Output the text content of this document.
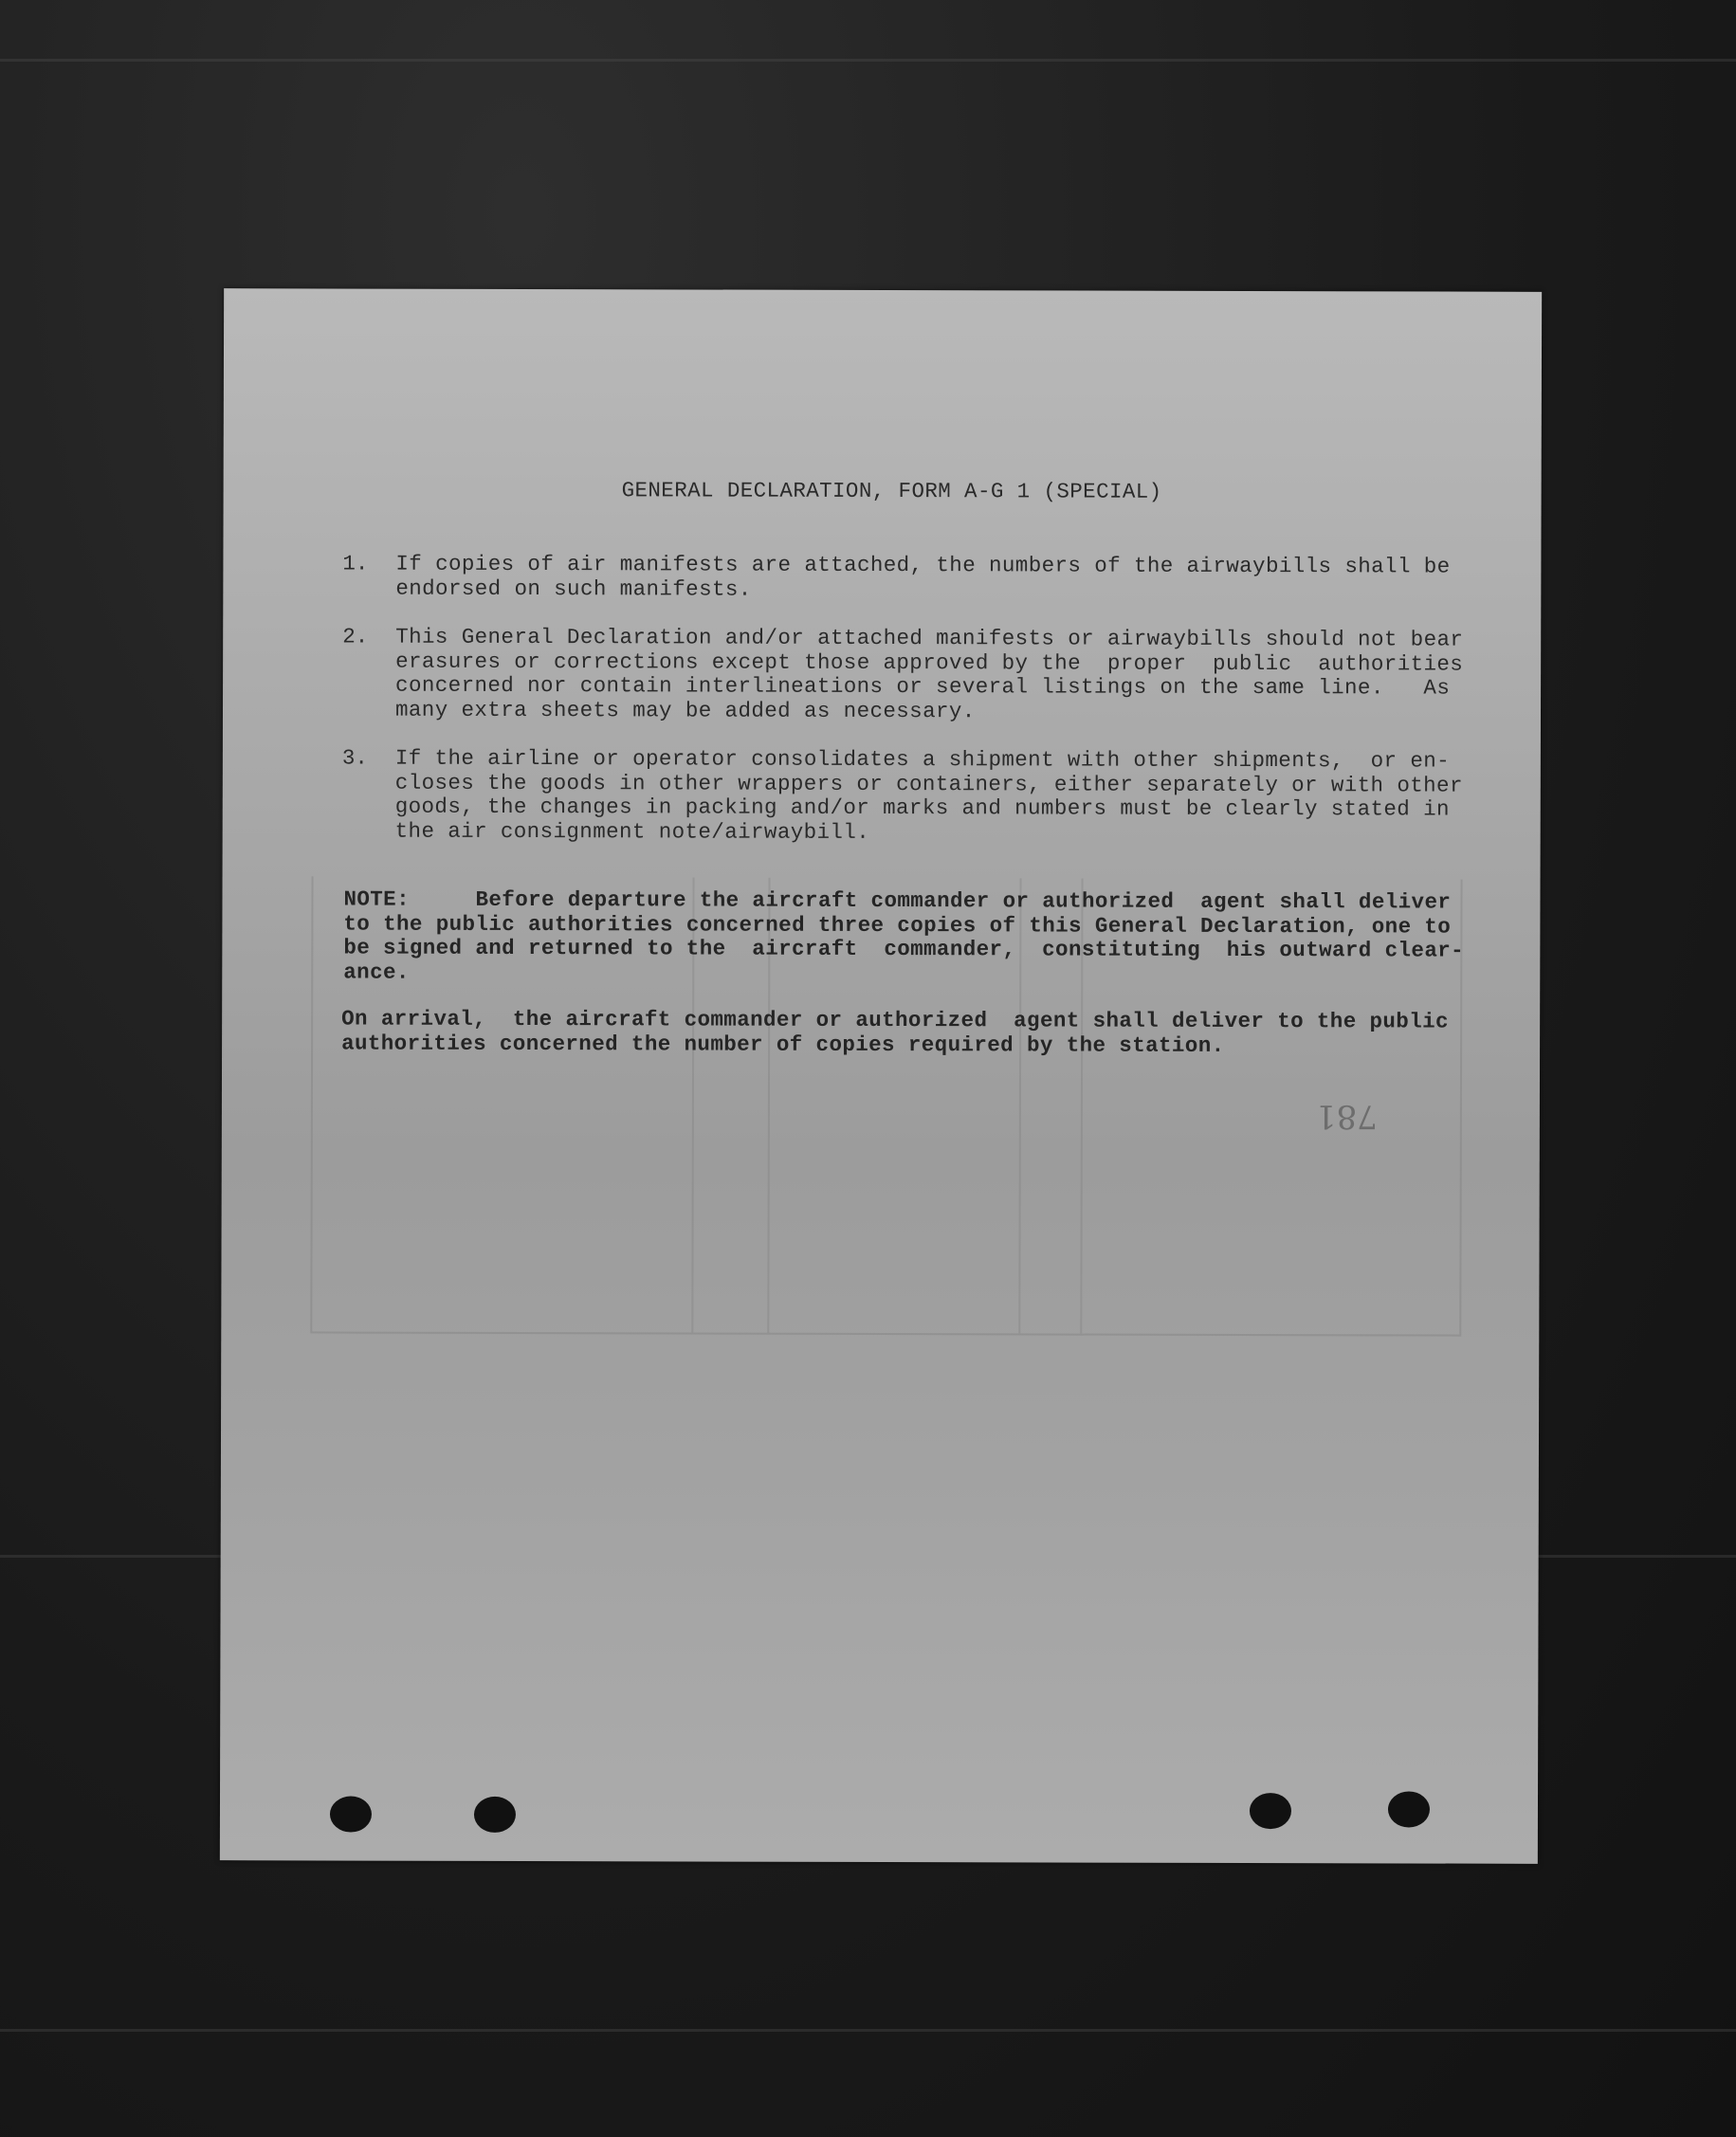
GENERAL DECLARATION, FORM A-G 1 (SPECIAL)
1. If copies of air manifests are attached, the numbers of the airwaybills shall be
endorsed on such manifests.
2. This General Declaration and/or attached manifests or airwaybills should not bear
erasures or corrections except those approved by the  proper  public  authorities
concerned nor contain interlineations or several listings on the same line.   As
many extra sheets may be added as necessary.
3. If the airline or operator consolidates a shipment with other shipments,  or en-
closes the goods in other wrappers or containers, either separately or with other
goods, the changes in packing and/or marks and numbers must be clearly stated in
the air consignment note/airwaybill.
NOTE:     Before departure the aircraft commander or authorized  agent shall deliver
to the public authorities concerned three copies of this General Declaration, one to
be signed and returned to the  aircraft  commander,  constituting  his outward clear-
ance.
On arrival,  the aircraft commander or authorized  agent shall deliver to the public
authorities concerned the number of copies required by the station.
781
